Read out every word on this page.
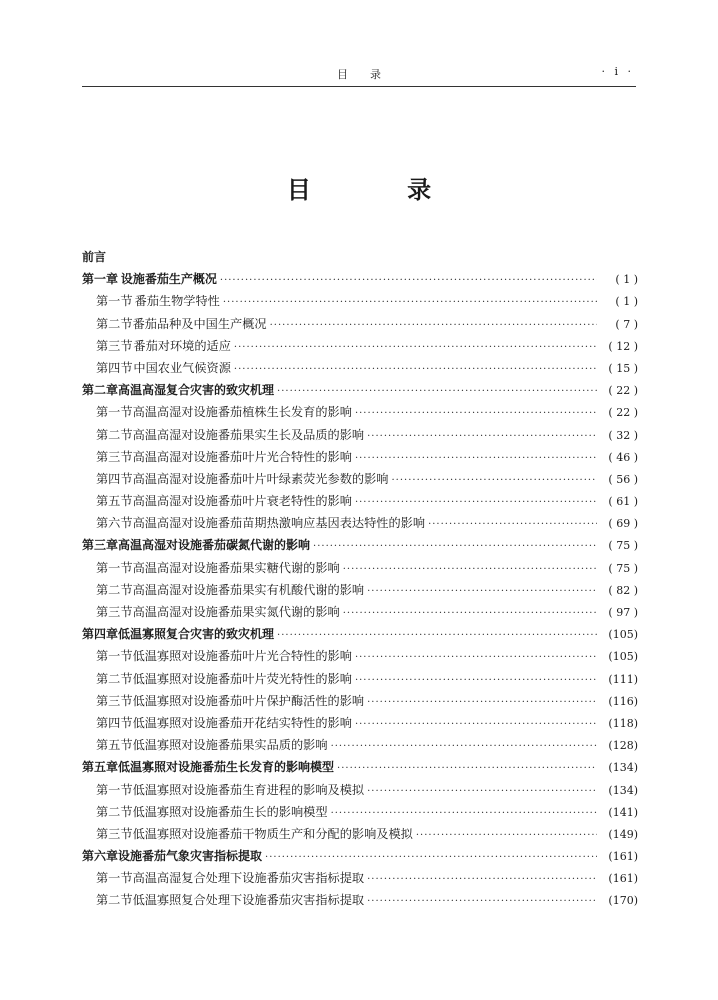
目录	· i ·
目 录
前言
第一章 设施番茄生产概况 ·····	( 1 )
第一节 番茄生物学特性 ·····	( 1 )
第二节 番茄品种及中国生产概况 ·····	( 7 )
第三节 番茄对环境的适应 ·····	( 12 )
第四节 中国农业气候资源 ·····	( 15 )
第二章 高温高湿复合灾害的致灾机理 ·····	( 22 )
第一节 高温高湿对设施番茄植株生长发育的影响 ·····	( 22 )
第二节 高温高湿对设施番茄果实生长及品质的影响 ·····	( 32 )
第三节 高温高湿对设施番茄叶片光合特性的影响 ·····	( 46 )
第四节 高温高湿对设施番茄叶片叶绿素荧光参数的影响 ·····	( 56 )
第五节 高温高湿对设施番茄叶片衰老特性的影响 ·····	( 61 )
第六节 高温高湿对设施番茄苗期热激响应基因表达特性的影响 ·····	( 69 )
第三章 高温高湿对设施番茄碳氮代谢的影响 ·····	( 75 )
第一节 高温高湿对设施番茄果实糖代谢的影响 ·····	( 75 )
第二节 高温高湿对设施番茄果实有机酸代谢的影响 ·····	( 82 )
第三节 高温高湿对设施番茄果实氮代谢的影响 ·····	( 97 )
第四章 低温寡照复合灾害的致灾机理 ·····	(105)
第一节 低温寡照对设施番茄叶片光合特性的影响 ·····	(105)
第二节 低温寡照对设施番茄叶片荧光特性的影响 ·····	(111)
第三节 低温寡照对设施番茄叶片保护酶活性的影响 ·····	(116)
第四节 低温寡照对设施番茄开花结实特性的影响 ·····	(118)
第五节 低温寡照对设施番茄果实品质的影响 ·····	(128)
第五章 低温寡照对设施番茄生长发育的影响模型 ·····	(134)
第一节 低温寡照对设施番茄生育进程的影响及模拟 ·····	(134)
第二节 低温寡照对设施番茄生长的影响模型 ·····	(141)
第三节 低温寡照对设施番茄干物质生产和分配的影响及模拟 ·····	(149)
第六章 设施番茄气象灾害指标提取 ·····	(161)
第一节 高温高湿复合处理下设施番茄灾害指标提取 ·····	(161)
第二节 低温寡照复合处理下设施番茄灾害指标提取 ·····	(170)
